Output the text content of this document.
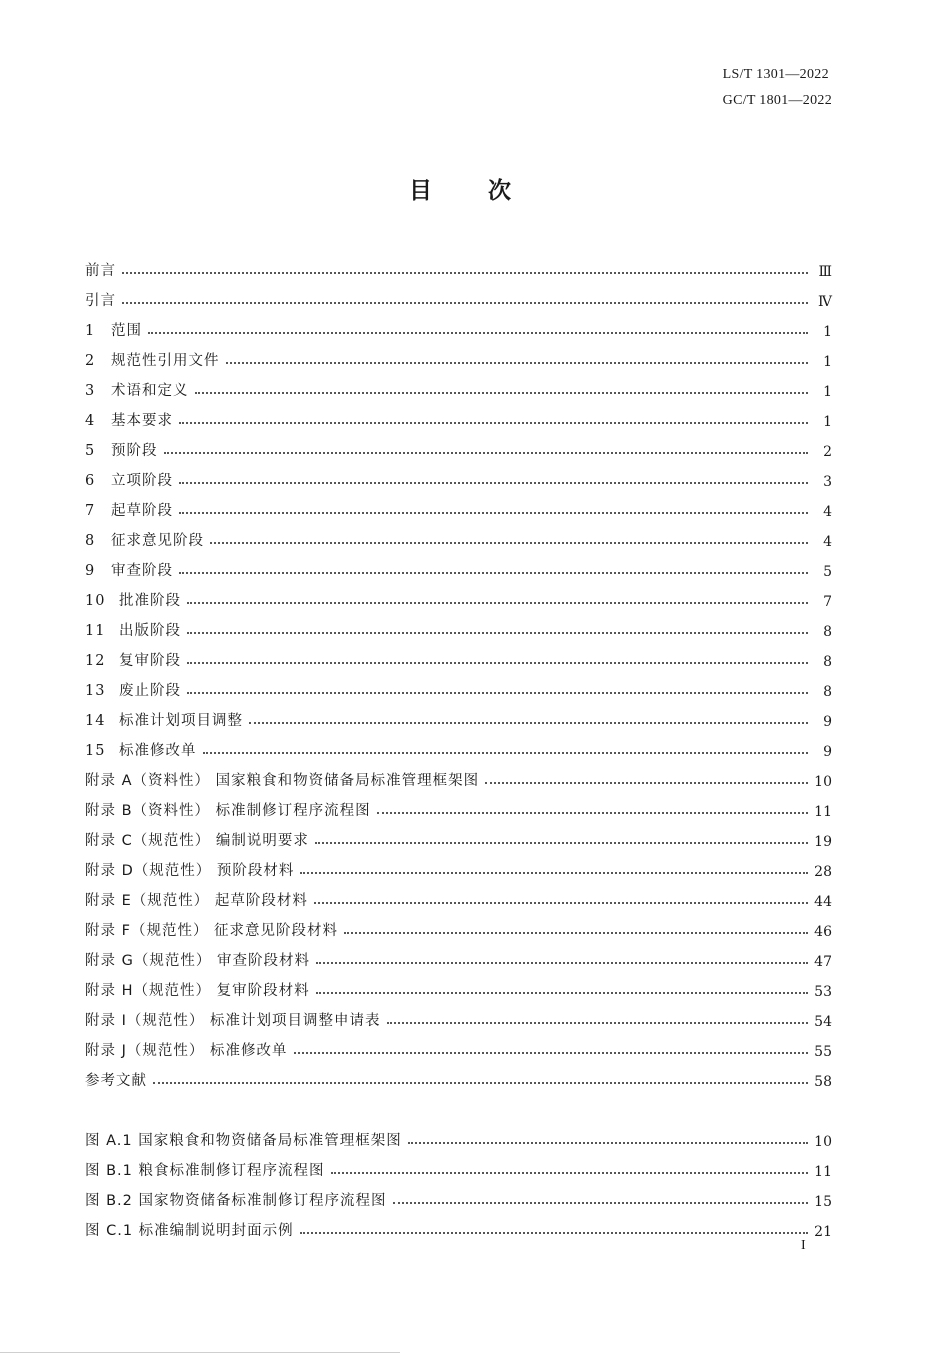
LS/T 1301—2022
GC/T 1801—2022
目 次
前言	Ⅲ
引言	Ⅳ
1 范围	1
2 规范性引用文件	1
3 术语和定义	1
4 基本要求	1
5 预阶段	2
6 立项阶段	3
7 起草阶段	4
8 征求意见阶段	4
9 审查阶段	5
10 批准阶段	7
11 出版阶段	8
12 复审阶段	8
13 废止阶段	8
14 标准计划项目调整	9
15 标准修改单	9
附录 A（资料性） 国家粮食和物资储备局标准管理框架图	10
附录 B（资料性） 标准制修订程序流程图	11
附录 C（规范性） 编制说明要求	19
附录 D（规范性） 预阶段材料	28
附录 E（规范性） 起草阶段材料	44
附录 F（规范性） 征求意见阶段材料	46
附录 G（规范性） 审查阶段材料	47
附录 H（规范性） 复审阶段材料	53
附录 I（规范性） 标准计划项目调整申请表	54
附录 J（规范性） 标准修改单	55
参考文献	58
图 A.1 国家粮食和物资储备局标准管理框架图	10
图 B.1 粮食标准制修订程序流程图	11
图 B.2 国家物资储备标准制修订程序流程图	15
图 C.1 标准编制说明封面示例	21
I
